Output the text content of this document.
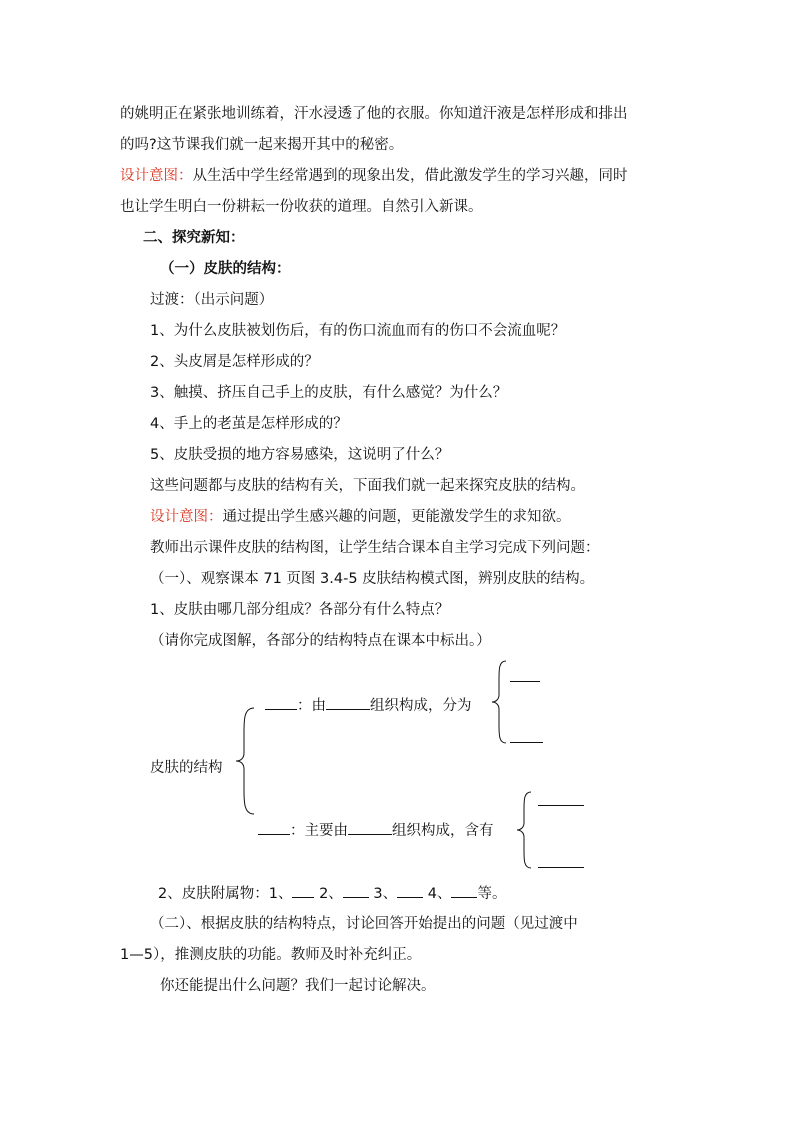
的姚明正在紧张地训练着，汗水浸透了他的衣服。你知道汗液是怎样形成和排出
的吗?这节课我们就一起来揭开其中的秘密。
设计意图：从生活中学生经常遇到的现象出发，借此激发学生的学习兴趣，同时
也让学生明白一份耕耘一份收获的道理。自然引入新课。
二、探究新知：
（一）皮肤的结构：
过渡：（出示问题）
1、为什么皮肤被划伤后，有的伤口流血而有的伤口不会流血呢？
2、头皮屑是怎样形成的？
3、触摸、挤压自己手上的皮肤，有什么感觉？为什么？
4、手上的老茧是怎样形成的？
5、皮肤受损的地方容易感染，这说明了什么？
这些问题都与皮肤的结构有关，下面我们就一起来探究皮肤的结构。
设计意图：通过提出学生感兴趣的问题，更能激发学生的求知欲。
教师出示课件皮肤的结构图，让学生结合课本自主学习完成下列问题：
（一）、观察课本 71 页图 3.4-5 皮肤结构模式图，辨别皮肤的结构。
1、皮肤由哪几部分组成？各部分有什么特点？
（请你完成图解，各部分的结构特点在课本中标出。）
皮肤的结构
：由	组织构成，分为
：主要由	组织构成，含有
2、皮肤附属物：1、 2、 3、 4、 等。
（二）、根据皮肤的结构特点，讨论回答开始提出的问题（见过渡中
1—5），推测皮肤的功能。教师及时补充纠正。
你还能提出什么问题？我们一起讨论解决。
